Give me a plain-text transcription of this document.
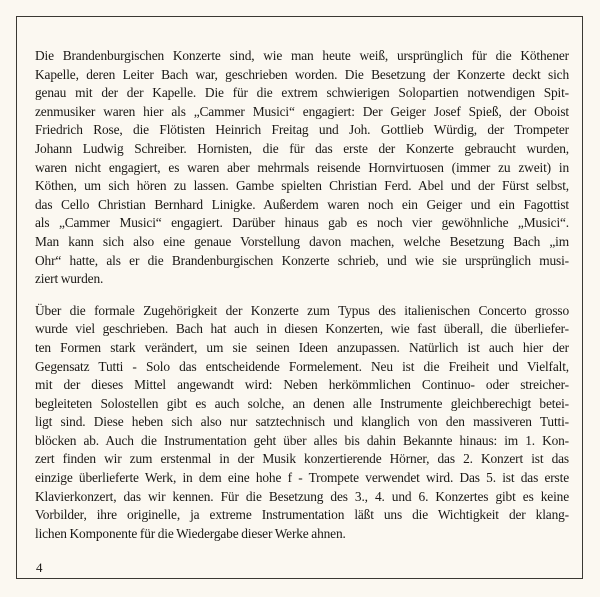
Die Brandenburgischen Konzerte sind, wie man heute weiß, ursprünglich für die Köthener
Kapelle, deren Leiter Bach war, geschrieben worden. Die Besetzung der Konzerte deckt sich
genau mit der der Kapelle. Die für die extrem schwierigen Solopartien notwendigen Spit-
zenmusiker waren hier als „Cammer Musici“ engagiert: Der Geiger Josef Spieß, der Oboist
Friedrich Rose, die Flötisten Heinrich Freitag und Joh. Gottlieb Würdig, der Trompeter
Johann Ludwig Schreiber. Hornisten, die für das erste der Konzerte gebraucht wurden,
waren nicht engagiert, es waren aber mehrmals reisende Hornvirtuosen (immer zu zweit) in
Köthen, um sich hören zu lassen. Gambe spielten Christian Ferd. Abel und der Fürst selbst,
das Cello Christian Bernhard Linigke. Außerdem waren noch ein Geiger und ein Fagottist
als „Cammer Musici“ engagiert. Darüber hinaus gab es noch vier gewöhnliche „Musici“.
Man kann sich also eine genaue Vorstellung davon machen, welche Besetzung Bach „im
Ohr“ hatte, als er die Brandenburgischen Konzerte schrieb, und wie sie ursprünglich musi-
ziert wurden.
Über die formale Zugehörigkeit der Konzerte zum Typus des italienischen Concerto grosso
wurde viel geschrieben. Bach hat auch in diesen Konzerten, wie fast überall, die überliefer-
ten Formen stark verändert, um sie seinen Ideen anzupassen. Natürlich ist auch hier der
Gegensatz Tutti - Solo das entscheidende Formelement. Neu ist die Freiheit und Vielfalt,
mit der dieses Mittel angewandt wird: Neben herkömmlichen Continuo- oder streicher-
begleiteten Solostellen gibt es auch solche, an denen alle Instrumente gleichberechigt betei-
ligt sind. Diese heben sich also nur satztechnisch und klanglich von den massiveren Tutti-
blöcken ab. Auch die Instrumentation geht über alles bis dahin Bekannte hinaus: im 1. Kon-
zert finden wir zum erstenmal in der Musik konzertierende Hörner, das 2. Konzert ist das
einzige überlieferte Werk, in dem eine hohe f - Trompete verwendet wird. Das 5. ist das erste
Klavierkonzert, das wir kennen. Für die Besetzung des 3., 4. und 6. Konzertes gibt es keine
Vorbilder, ihre originelle, ja extreme Instrumentation läßt uns die Wichtigkeit der klang-
lichen Komponente für die Wiedergabe dieser Werke ahnen.
4
